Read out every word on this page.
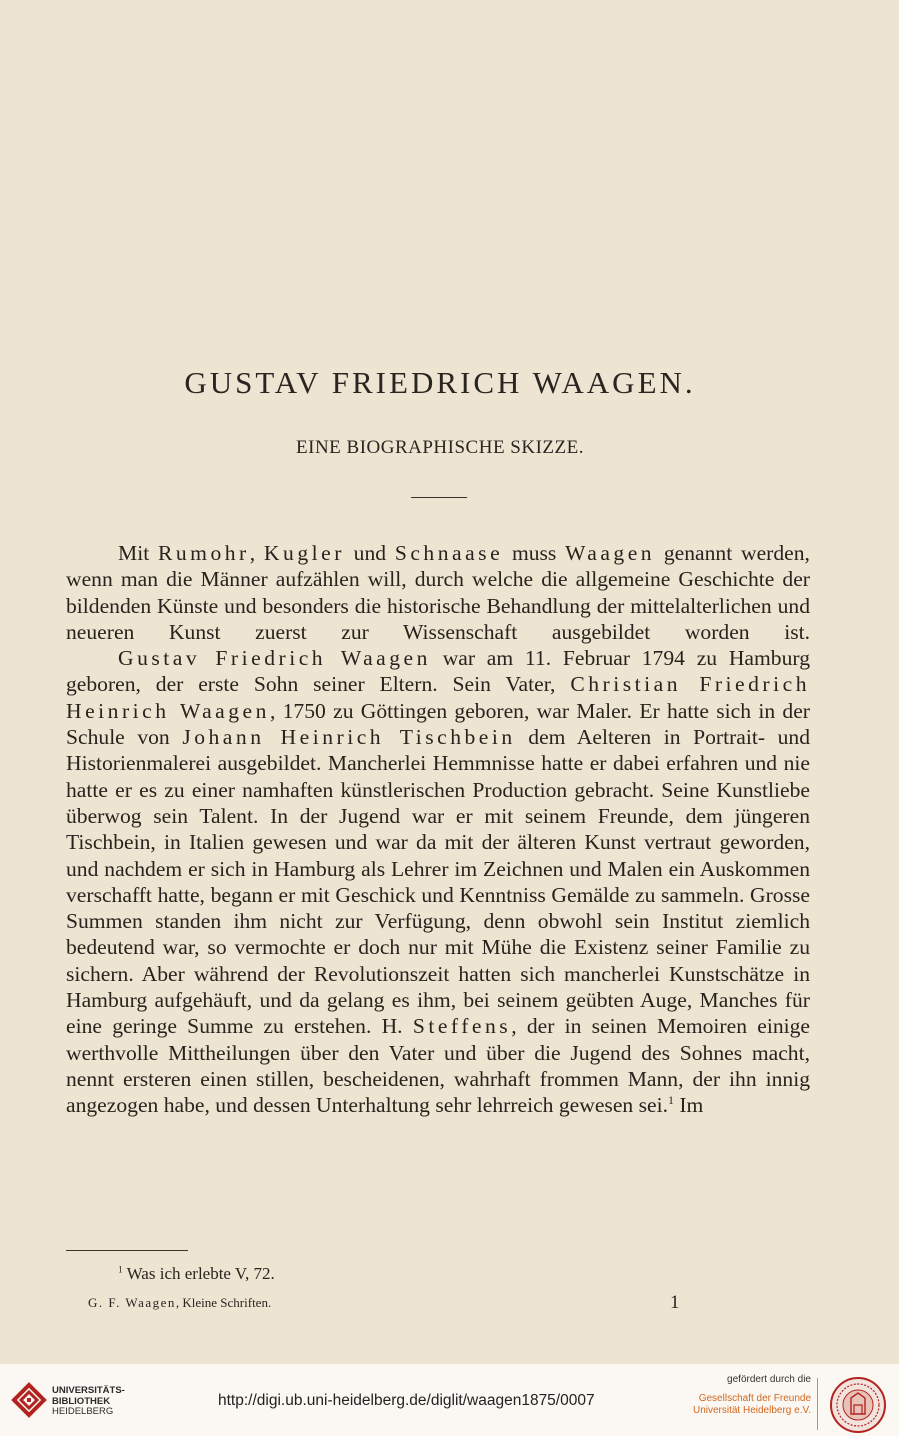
GUSTAV FRIEDRICH WAAGEN.
EINE BIOGRAPHISCHE SKIZZE.

Mit Rumohr, Kugler und Schnaase muss Waagen genannt werden, wenn man die Männer aufzählen will, durch welche die allgemeine Geschichte der bildenden Künste und besonders die historische Behandlung der mittelalterlichen und neueren Kunst zuerst zur Wissenschaft ausgebildet worden ist.

Gustav Friedrich Waagen war am 11. Februar 1794 zu Hamburg geboren, der erste Sohn seiner Eltern. Sein Vater, Christian Friedrich Heinrich Waagen, 1750 zu Göttingen geboren, war Maler. Er hatte sich in der Schule von Johann Heinrich Tischbein dem Aelteren in Portrait- und Historienmalerei ausgebildet. Mancherlei Hemmnisse hatte er dabei erfahren und nie hatte er es zu einer namhaften künstlerischen Production gebracht. Seine Kunstliebe überwog sein Talent. In der Jugend war er mit seinem Freunde, dem jüngeren Tischbein, in Italien gewesen und war da mit der älteren Kunst vertraut geworden, und nachdem er sich in Hamburg als Lehrer im Zeichnen und Malen ein Auskommen verschafft hatte, begann er mit Geschick und Kenntniss Gemälde zu sammeln. Grosse Summen standen ihm nicht zur Verfügung, denn obwohl sein Institut ziemlich bedeutend war, so vermochte er doch nur mit Mühe die Existenz seiner Familie zu sichern. Aber während der Revolutionszeit hatten sich mancherlei Kunstschätze in Hamburg aufgehäuft, und da gelang es ihm, bei seinem geübten Auge, Manches für eine geringe Summe zu erstehen. H. Steffens, der in seinen Memoiren einige werthvolle Mittheilungen über den Vater und über die Jugend des Sohnes macht, nennt ersteren einen stillen, bescheidenen, wahrhaft frommen Mann, der ihn innig angezogen habe, und dessen Unterhaltung sehr lehrreich gewesen sei.$^1$ Im

$^1$ Was ich erlebte V, 72.
G. F. Waagen, Kleine Schriften.	1
UNIVERSITÄTS-
BIBLIOTHEK
HEIDELBERG
http://digi.ub.uni-heidelberg.de/diglit/waagen1875/0007
gefördert durch die
Gesellschaft der Freunde
Universität Heidelberg e.V.
